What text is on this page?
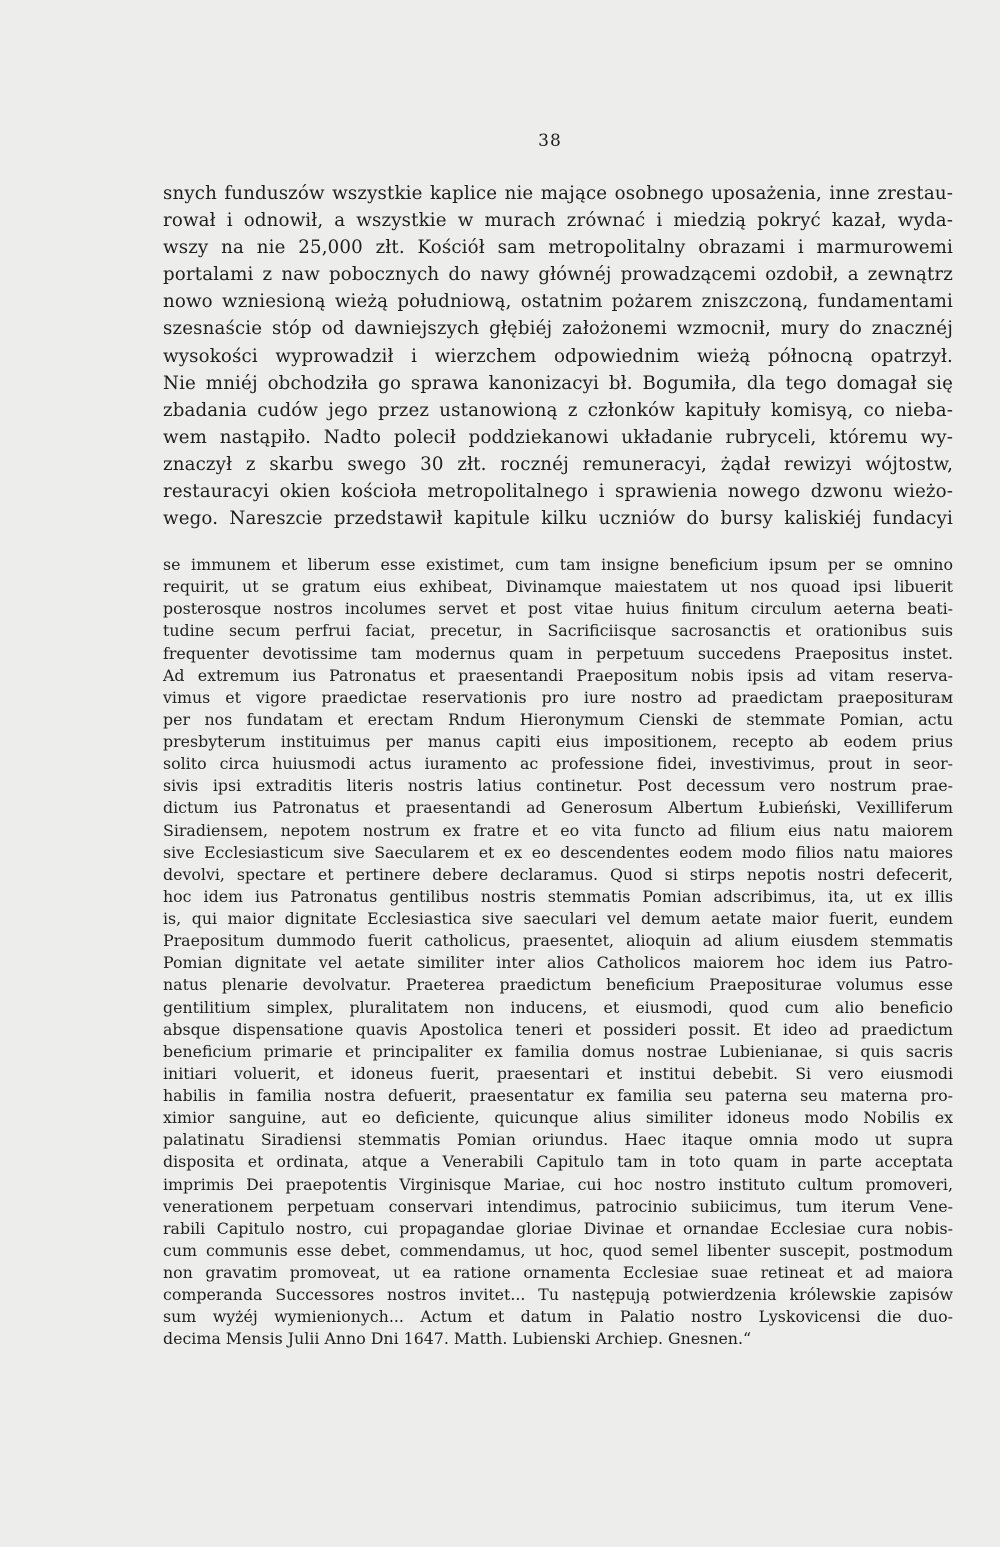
38
snych funduszów wszystkie kaplice nie mające osobnego uposażenia, inne zrestau-
rował i odnowił, a wszystkie w murach zrównać i miedzią pokryć kazał, wyda-
wszy na nie 25,000 złt. Kościół sam metropolitalny obrazami i marmurowemi
portalami z naw pobocznych do nawy głównéj prowadzącemi ozdobił, a zewnątrz
nowo wzniesioną wieżą południową, ostatnim pożarem zniszczoną, fundamentami
szesnaście stóp od dawniejszych głębiéj założonemi wzmocnił, mury do znacznéj
wysokości wyprowadził i wierzchem odpowiednim wieżą północną opatrzył.
Nie mniéj obchodziła go sprawa kanonizacyi bł. Bogumiła, dla tego domagał się
zbadania cudów jego przez ustanowioną z członków kapituły komisyą, co nieba-
wem nastąpiło. Nadto polecił poddziekanowi układanie rubryceli, któremu wy-
znaczył z skarbu swego 30 złt. rocznéj remuneracyi, żądał rewizyi wójtostw,
restauracyi okien kościoła metropolitalnego i sprawienia nowego dzwonu wieżo-
wego. Nareszcie przedstawił kapitule kilku uczniów do bursy kaliskiéj fundacyi
se immunem et liberum esse existimet, cum tam insigne beneficium ipsum per se omnino
requirit, ut se gratum eius exhibeat, Divinamque maiestatem ut nos quoad ipsi libuerit
posterosque nostros incolumes servet et post vitae huius finitum circulum aeterna beati-
tudine secum perfrui faciat, precetur, in Sacrificiisque sacrosanctis et orationibus suis
frequenter devotissime tam modernus quam in perpetuum succedens Praepositus instet.
Ad extremum ius Patronatus et praesentandi Praepositum nobis ipsis ad vitam reserva-
vimus et vigore praedictae reservationis pro iure nostro ad praedictam praepositurам
per nos fundatam et erectam Rndum Hieronymum Cienski de stemmate Pomian, actu
presbyterum instituimus per manus capiti eius impositionem, recepto ab eodem prius
solito circa huiusmodi actus iuramento ac professione fidei, investivimus, prout in seor-
sivis ipsi extraditis literis nostris latius continetur. Post decessum vero nostrum prae-
dictum ius Patronatus et praesentandi ad Generosum Albertum Łubieński, Vexilliferum
Siradiensem, nepotem nostrum ex fratre et eo vita functo ad filium eius natu maiorem
sive Ecclesiasticum sive Saecularem et ex eo descendentes eodem modo filios natu maiores
devolvi, spectare et pertinere debere declaramus. Quod si stirps nepotis nostri defecerit,
hoc idem ius Patronatus gentilibus nostris stemmatis Pomian adscribimus, ita, ut ex illis
is, qui maior dignitate Ecclesiastica sive saeculari vel demum aetate maior fuerit, eundem
Praepositum dummodo fuerit catholicus, praesentet, alioquin ad alium eiusdem stemmatis
Pomian dignitate vel aetate similiter inter alios Catholicos maiorem hoc idem ius Patro-
natus plenarie devolvatur. Praeterea praedictum beneficium Praepositurae volumus esse
gentilitium simplex, pluralitatem non inducens, et eiusmodi, quod cum alio beneficio
absque dispensatione quavis Apostolica teneri et possideri possit. Et ideo ad praedictum
beneficium primarie et principaliter ex familia domus nostrae Lubienianae, si quis sacris
initiari voluerit, et idoneus fuerit, praesentari et institui debebit. Si vero eiusmodi
habilis in familia nostra defuerit, praesentatur ex familia seu paterna seu materna pro-
ximior sanguine, aut eo deficiente, quicunque alius similiter idoneus modo Nobilis ex
palatinatu Siradiensi stemmatis Pomian oriundus. Haec itaque omnia modo ut supra
disposita et ordinata, atque a Venerabili Capitulo tam in toto quam in parte acceptata
imprimis Dei praepotentis Virginisque Mariae, cui hoc nostro instituto cultum promoveri,
venerationem perpetuam conservari intendimus, patrocinio subiicimus, tum iterum Vene-
rabili Capitulo nostro, cui propagandae gloriae Divinae et ornandae Ecclesiae cura nobis-
cum communis esse debet, commendamus, ut hoc, quod semel libenter suscepit, postmodum
non gravatim promoveat, ut ea ratione ornamenta Ecclesiae suae retineat et ad maiora
comperanda Successores nostros invitet... Tu następują potwierdzenia królewskie zapisów
sum wyżéj wymienionych... Actum et datum in Palatio nostro Lyskovicensi die duo-
decima Mensis Julii Anno Dni 1647. Matth. Lubienski Archiep. Gnesnen.“
